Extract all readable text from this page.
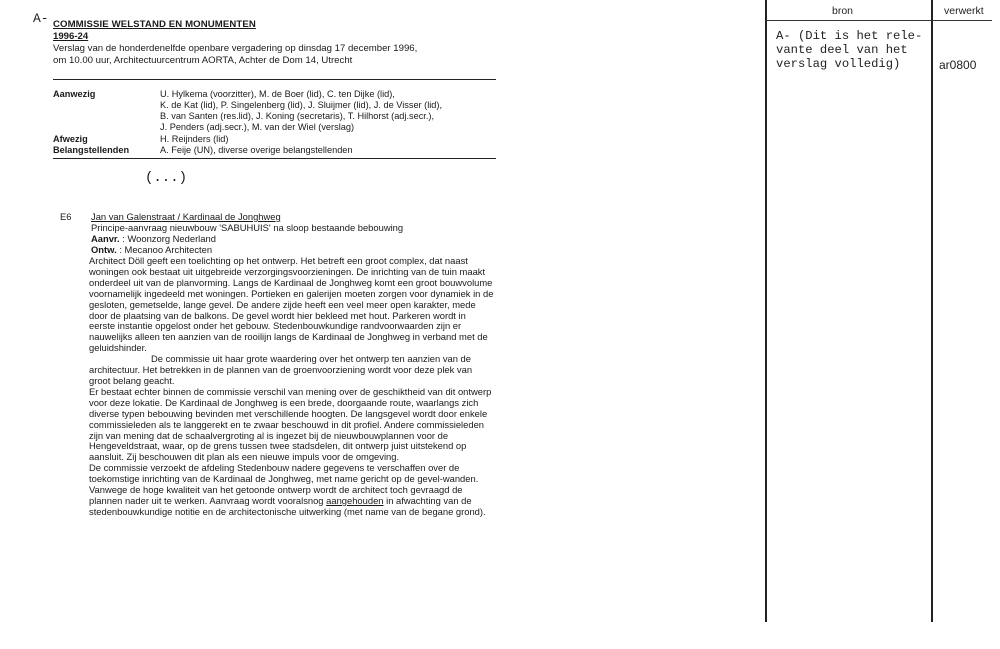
A- COMMISSIE WELSTAND EN MONUMENTEN
1996-24
Verslag van de honderdenelfde openbare vergadering op dinsdag 17 december 1996,
om 10.00 uur, Architectuurcentrum AORTA, Achter de Dom 14, Utrecht
Aanwezig	U. Hylkema (voorzitter), M. de Boer (lid), C. ten Dijke (lid),
K. de Kat (lid), P. Singelenberg (lid), J. Sluijmer (lid), J. de Visser (lid),
B. van Santen (res.lid), J. Koning (secretaris), T. Hilhorst (adj.secr.),
J. Penders (adj.secr.), M. van der Wiel (verslag)
Afwezig	H. Reijnders (lid)
Belangstellenden	A. Feije (UN), diverse overige belangstellenden
(...)
E6 Jan van Galenstraat / Kardinaal de Jonghweg
Principe-aanvraag nieuwbouw 'SABUHUIS' na sloop bestaande bebouwing
Aanvr. : Woonzorg Nederland
Ontw. : Mecanoo Architecten

Architect Döll geeft een toelichting op het ontwerp. Het betreft een groot complex, dat naast woningen ook bestaat uit uitgebreide verzorgingsvoorzieningen. De inrichting van de tuin maakt onderdeel uit van de planvorming. Langs de Kardinaal de Jonghweg komt een groot bouwvolume voornamelijk ingedeeld met woningen. Portieken en galerijen moeten zorgen voor dynamiek in de gesloten, gemetselde, lange gevel. De andere zijde heeft een veel meer open karakter, mede door de plaatsing van de balkons. De gevel wordt hier bekleed met hout. Parkeren wordt in eerste instantie opgelost onder het gebouw. Stedenbouwkundige randvoorwaarden zijn er nauwelijks alleen ten aanzien van de rooilijn langs de Kardinaal de Jonghweg in verband met de geluidshinder.

De commissie uit haar grote waardering over het ontwerp ten aanzien van de architectuur. Het betrekken in de plannen van de groenvoorziening wordt voor deze plek van groot belang geacht.

Er bestaat echter binnen de commissie verschil van mening over de geschiktheid van dit ontwerp voor deze lokatie. De Kardinaal de Jonghweg is een brede, doorgaande route, waarlangs zich diverse typen bebouwing bevinden met verschillende hoogten. De langsgevel wordt door enkele commissieleden als te langgerekt en te zwaar beschouwd in dit profiel. Andere commissieleden zijn van mening dat de schaalvergroting al is ingezet bij de nieuwbouwplannen voor de Hengeveldstraat, waar, op de grens tussen twee stadsdelen, dit ontwerp juist uitstekend op aansluit. Zij beschouwen dit plan als een nieuwe impuls voor de omgeving.

De commissie verzoekt de afdeling Stedenbouw nadere gegevens te verschaffen over de toekomstige inrichting van de Kardinaal de Jonghweg, met name gericht op de gevel-wanden. Vanwege de hoge kwaliteit van het getoonde ontwerp wordt de architect toch gevraagd de plannen nader uit te werken. Aanvraag wordt vooralsnog aangehouden in afwachting van de stedenbouwkundige notitie en de architectonische uitwerking (met name van de begane grond).

bron	verwerkt
A- (Dit is het rele-
vante deel van het
verslag volledig)	ar0800
